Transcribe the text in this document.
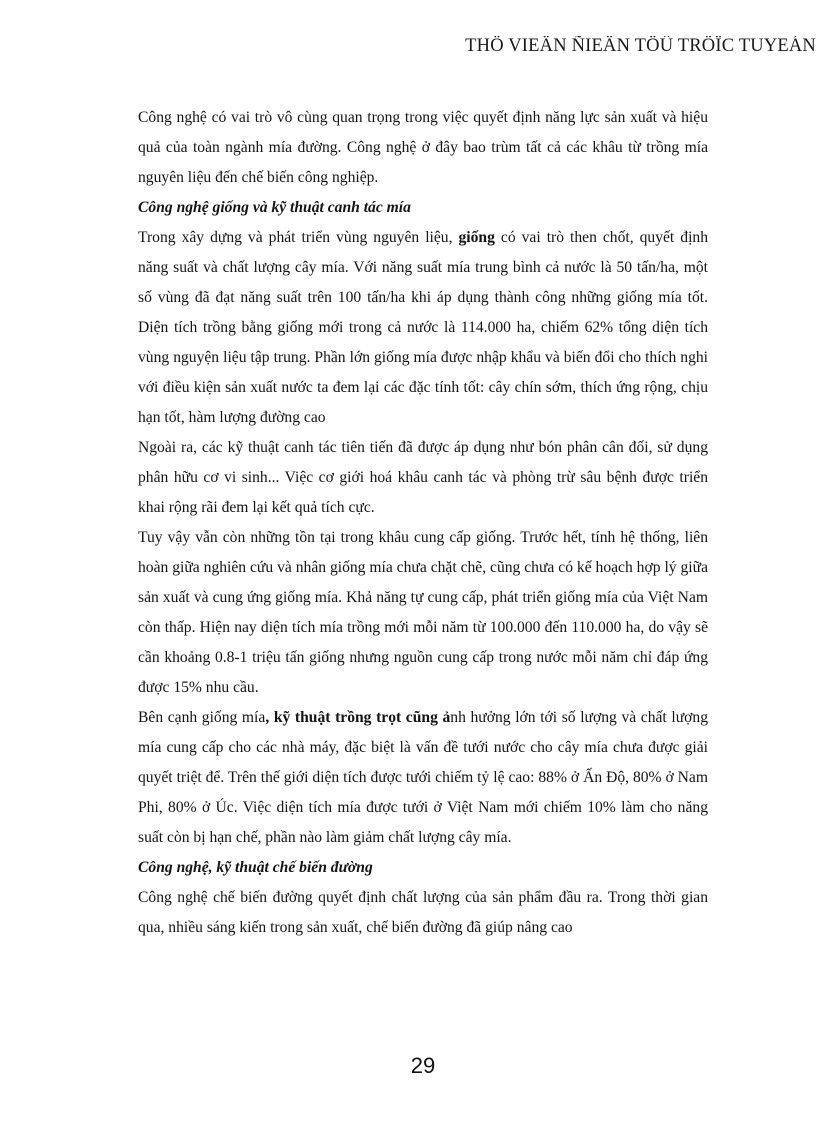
THÖ VIEÄN ÑIEÄN TÖÛ TRÖÏC TUYEÁN

Công nghệ có vai trò vô cùng quan trọng trong việc quyết định năng lực sản xuất và hiệu quả của toàn ngành mía đường. Công nghệ ở đây bao trùm tất cả các khâu từ trồng mía nguyên liệu đến chế biến công nghiệp.

Công nghệ giống và kỹ thuật canh tác mía

Trong xây dựng và phát triển vùng nguyên liệu, giống có vai trò then chốt, quyết định năng suất và chất lượng cây mía. Với năng suất mía trung bình cả nước là 50 tấn/ha, một số vùng đã đạt năng suất trên 100 tấn/ha khi áp dụng thành công những giống mía tốt. Diện tích trồng bằng giống mới trong cả nước là 114.000 ha, chiếm 62% tổng diện tích vùng nguyện liệu tập trung. Phần lớn giống mía được nhập khẩu và biến đổi cho thích nghi với điều kiện sản xuất nước ta đem lại các đặc tính tốt: cây chín sớm, thích ứng rộng, chịu hạn tốt, hàm lượng đường cao

Ngoài ra, các kỹ thuật canh tác tiên tiến đã được áp dụng như bón phân cân đối, sử dụng phân hữu cơ vi sinh... Việc cơ giới hoá khâu canh tác và phòng trừ sâu bệnh được triển khai rộng rãi đem lại kết quả tích cực.

Tuy vậy vẫn còn những tồn tại trong khâu cung cấp giống. Trước hết, tính hệ thống, liên hoàn giữa nghiên cứu và nhân giống mía chưa chặt chẽ, cũng chưa có kế hoạch hợp lý giữa sản xuất và cung ứng giống mía. Khả năng tự cung cấp, phát triển giống mía của Việt Nam còn thấp. Hiện nay diện tích mía trồng mới mỗi năm từ 100.000 đến 110.000 ha, do vậy sẽ cần khoảng 0.8-1 triệu tấn giống nhưng nguồn cung cấp trong nước mỗi năm chỉ đáp ứng được 15% nhu cầu.

Bên cạnh giống mía, kỹ thuật trồng trọt cũng ảnh hưởng lớn tới số lượng và chất lượng mía cung cấp cho các nhà máy, đặc biệt là vấn đề tưới nước cho cây mía chưa được giải quyết triệt để. Trên thế giới diện tích được tưới chiếm tỷ lệ cao: 88% ở Ấn Độ, 80% ở Nam Phi, 80% ở Úc. Việc diện tích mía được tưới ở Việt Nam mới chiếm 10% làm cho năng suất còn bị hạn chế, phần nào làm giảm chất lượng cây mía.

Công nghệ, kỹ thuật chế biến đường

Công nghệ chế biến đường quyết định chất lượng của sản phẩm đầu ra. Trong thời gian qua, nhiều sáng kiến trong sản xuất, chế biến đường đã giúp nâng cao

29
